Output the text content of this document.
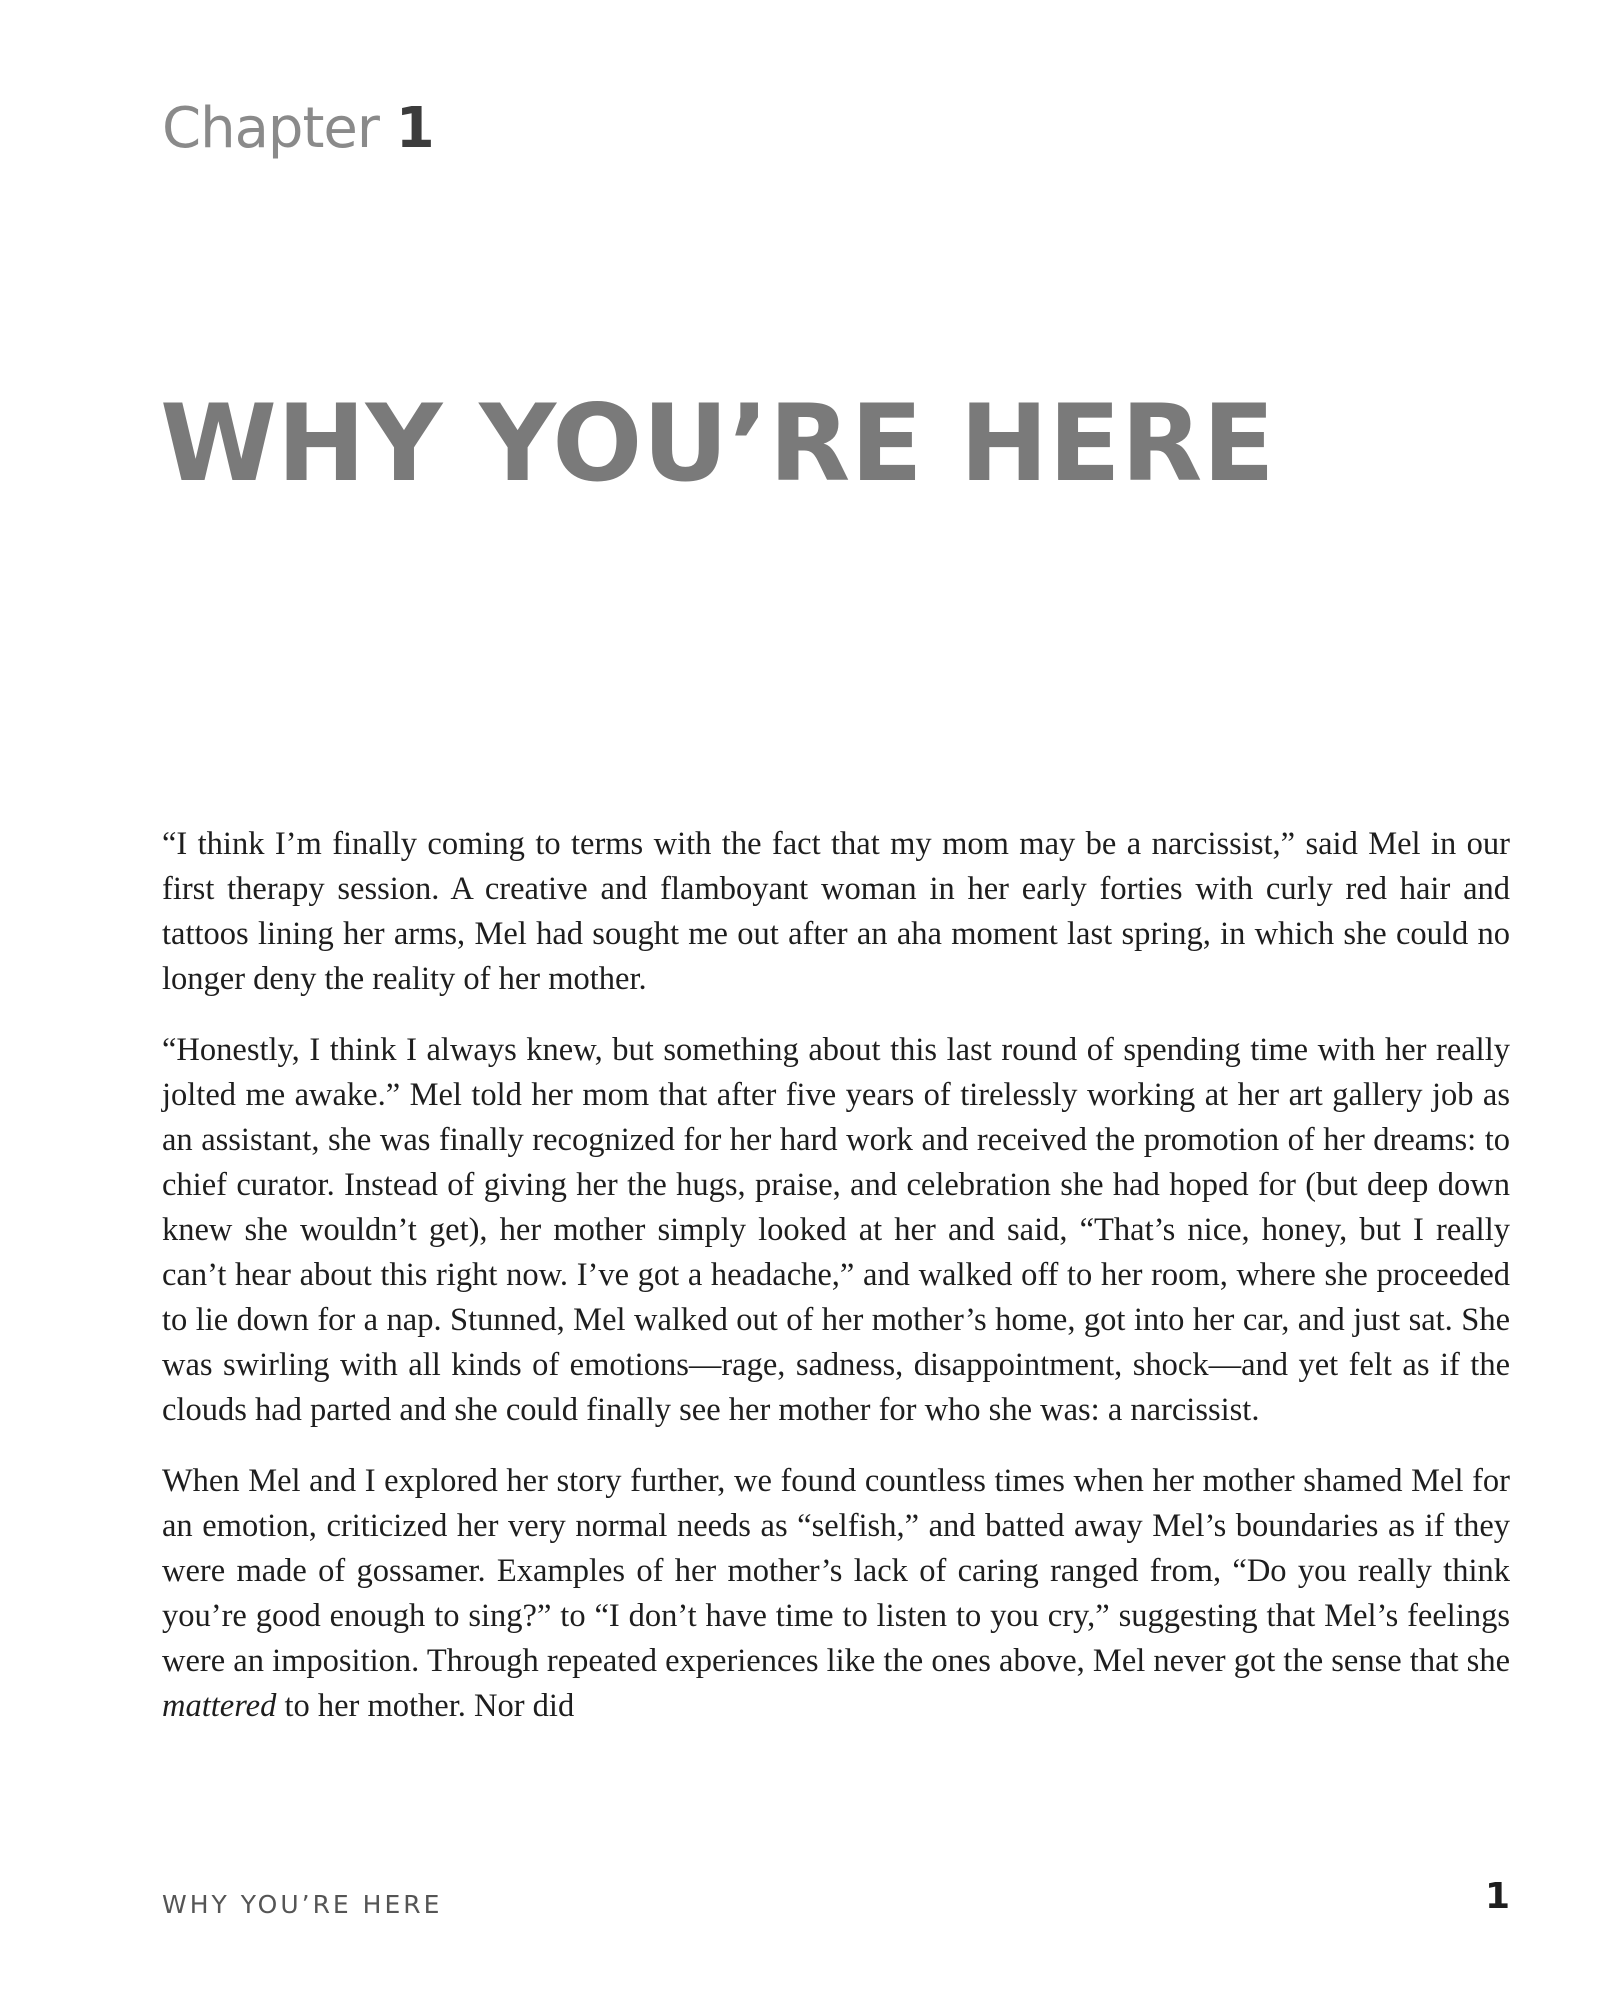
Chapter 1
WHY YOU’RE HERE

“I think I’m finally coming to terms with the fact that my mom may be a narcissist,” said Mel in our first therapy session. A creative and flamboyant woman in her early forties with curly red hair and tattoos lining her arms, Mel had sought me out after an aha moment last spring, in which she could no longer deny the reality of her mother.

“Honestly, I think I always knew, but something about this last round of spending time with her really jolted me awake.” Mel told her mom that after five years of tirelessly working at her art gallery job as an assistant, she was finally recognized for her hard work and received the promotion of her dreams: to chief curator. Instead of giving her the hugs, praise, and celebration she had hoped for (but deep down knew she wouldn’t get), her mother simply looked at her and said, “That’s nice, honey, but I really can’t hear about this right now. I’ve got a headache,” and walked off to her room, where she proceeded to lie down for a nap. Stunned, Mel walked out of her mother’s home, got into her car, and just sat. She was swirling with all kinds of emotions—rage, sadness, disappointment, shock—and yet felt as if the clouds had parted and she could finally see her mother for who she was: a narcissist.

When Mel and I explored her story further, we found countless times when her mother shamed Mel for an emotion, criticized her very normal needs as “selfish,” and batted away Mel’s boundaries as if they were made of gossamer. Examples of her mother’s lack of caring ranged from, “Do you really think you’re good enough to sing?” to “I don’t have time to listen to you cry,” suggesting that Mel’s feelings were an imposition. Through repeated experiences like the ones above, Mel never got the sense that she mattered to her mother. Nor did

WHY YOU’RE HERE	1
